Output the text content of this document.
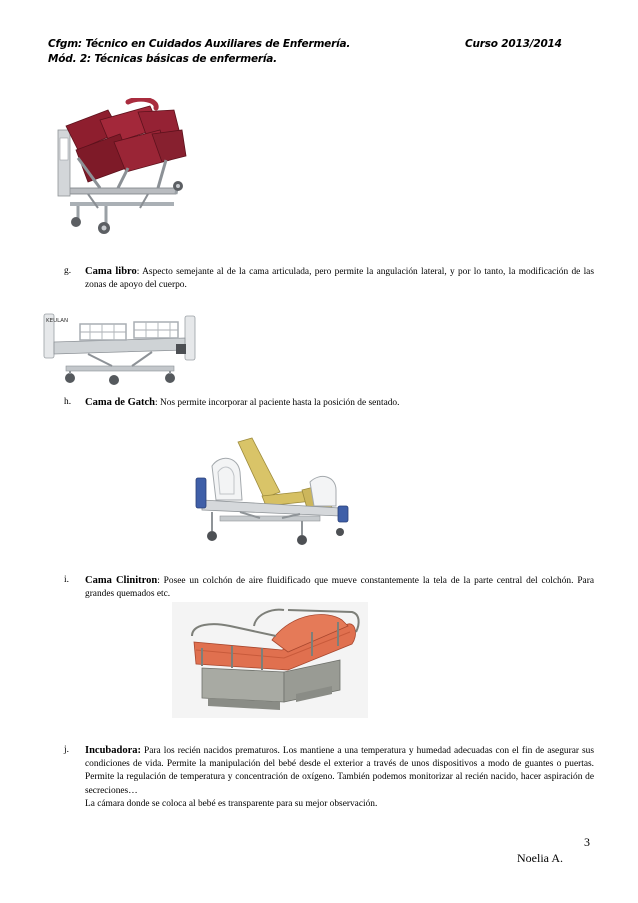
Cfgm: Técnico en Cuidados Auxiliares de Enfermería.	Curso 2013/2014
Mód. 2: Técnicas básicas de enfermería.
g.	Cama libro: Aspecto semejante al de la cama articulada, pero permite la angulación lateral, y por lo tanto, la modificación de las zonas de apoyo del cuerpo.
KEULAN
h.	Cama de Gatch: Nos permite incorporar al paciente hasta la posición de sentado.
i.	Cama Clinitron: Posee un colchón de aire fluidificado que mueve constantemente la tela de la parte central del colchón. Para grandes quemados etc.
j.	Incubadora: Para los recién nacidos prematuros. Los mantiene a una temperatura y humedad adecuadas con el fin de asegurar sus condiciones de vida. Permite la manipulación del bebé desde el exterior a través de unos dispositivos a modo de guantes o puertas. Permite la regulación de temperatura y concentración de oxígeno. También podemos monitorizar al recién nacido, hacer aspiración de secreciones…
La cámara donde se coloca al bebé es transparente para su mejor observación.
3
Noelia A.
